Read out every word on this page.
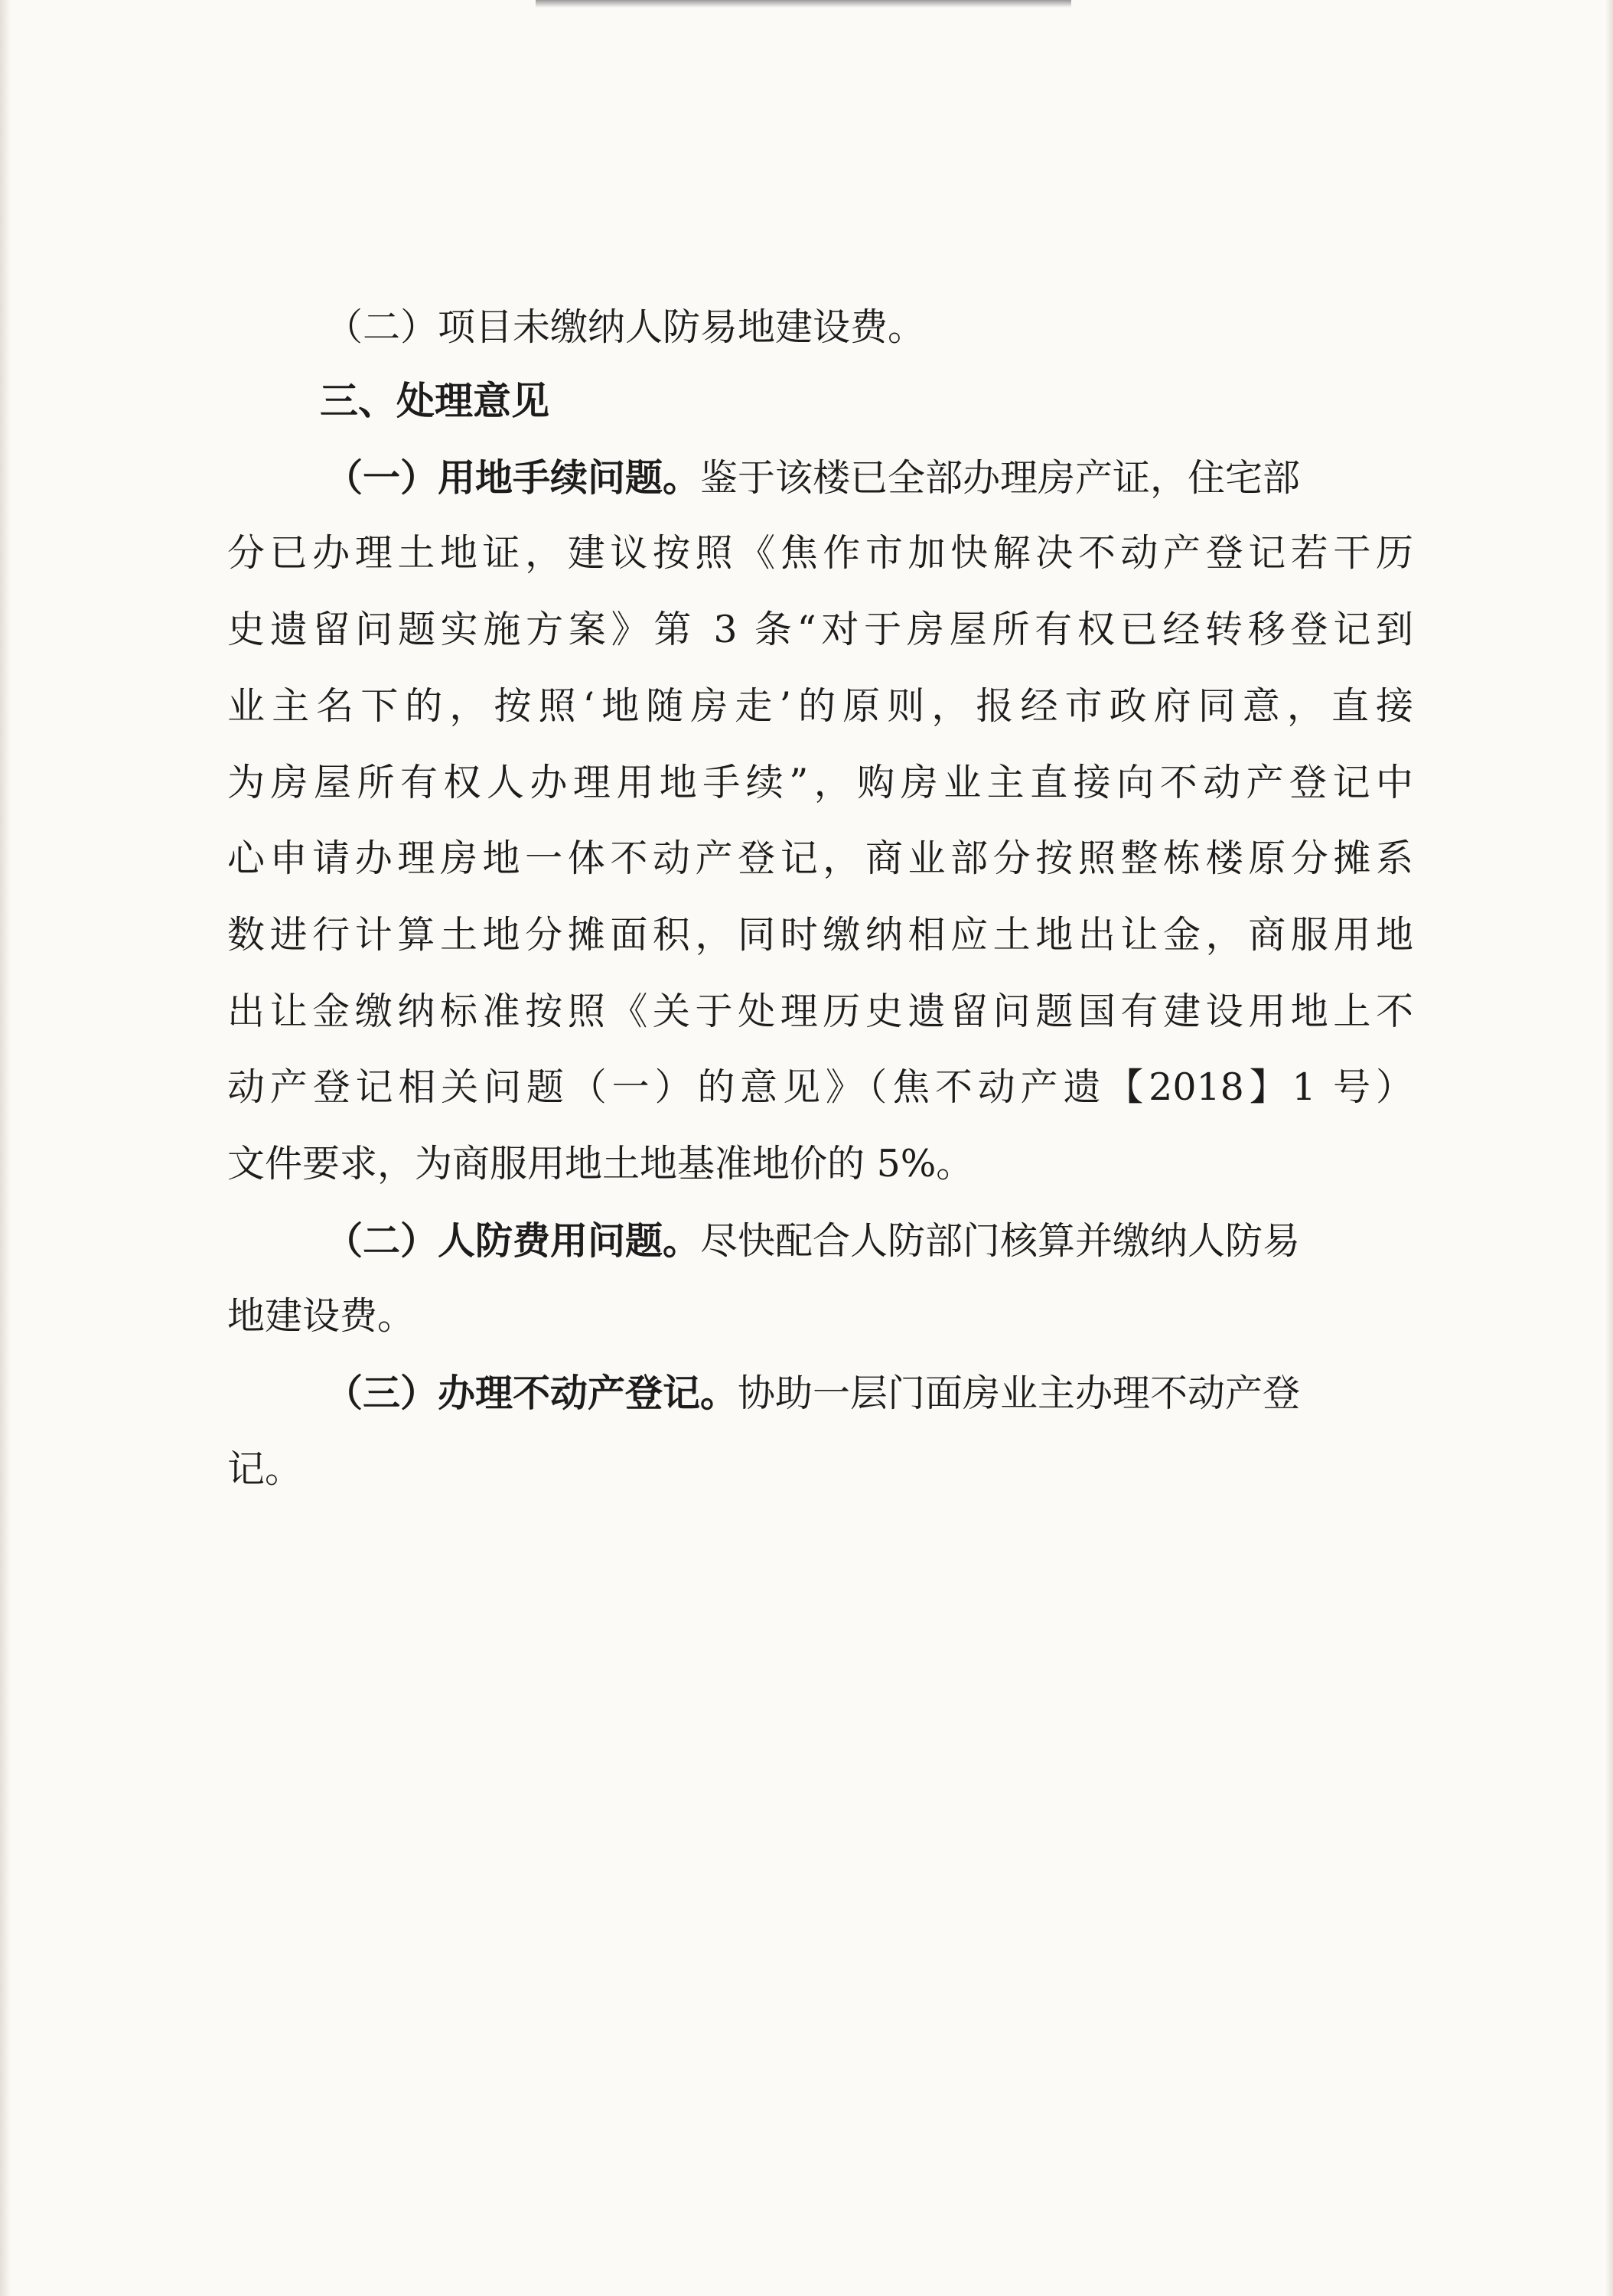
（二）项目未缴纳人防易地建设费。
三、处理意见
（一）用地手续问题。鉴于该楼已全部办理房产证，住宅部
分已办理土地证，建议按照《焦作市加快解决不动产登记若干历
史遗留问题实施方案》第 3 条“对于房屋所有权已经转移登记到
业主名下的，按照‘地随房走’的原则，报经市政府同意，直接
为房屋所有权人办理用地手续”，购房业主直接向不动产登记中
心申请办理房地一体不动产登记，商业部分按照整栋楼原分摊系
数进行计算土地分摊面积，同时缴纳相应土地出让金，商服用地
出让金缴纳标准按照《关于处理历史遗留问题国有建设用地上不
动产登记相关问题（一）的意见》（焦不动产遗【2018】1 号）
文件要求，为商服用地土地基准地价的 5%。
（二）人防费用问题。尽快配合人防部门核算并缴纳人防易
地建设费。
（三）办理不动产登记。协助一层门面房业主办理不动产登
记。
